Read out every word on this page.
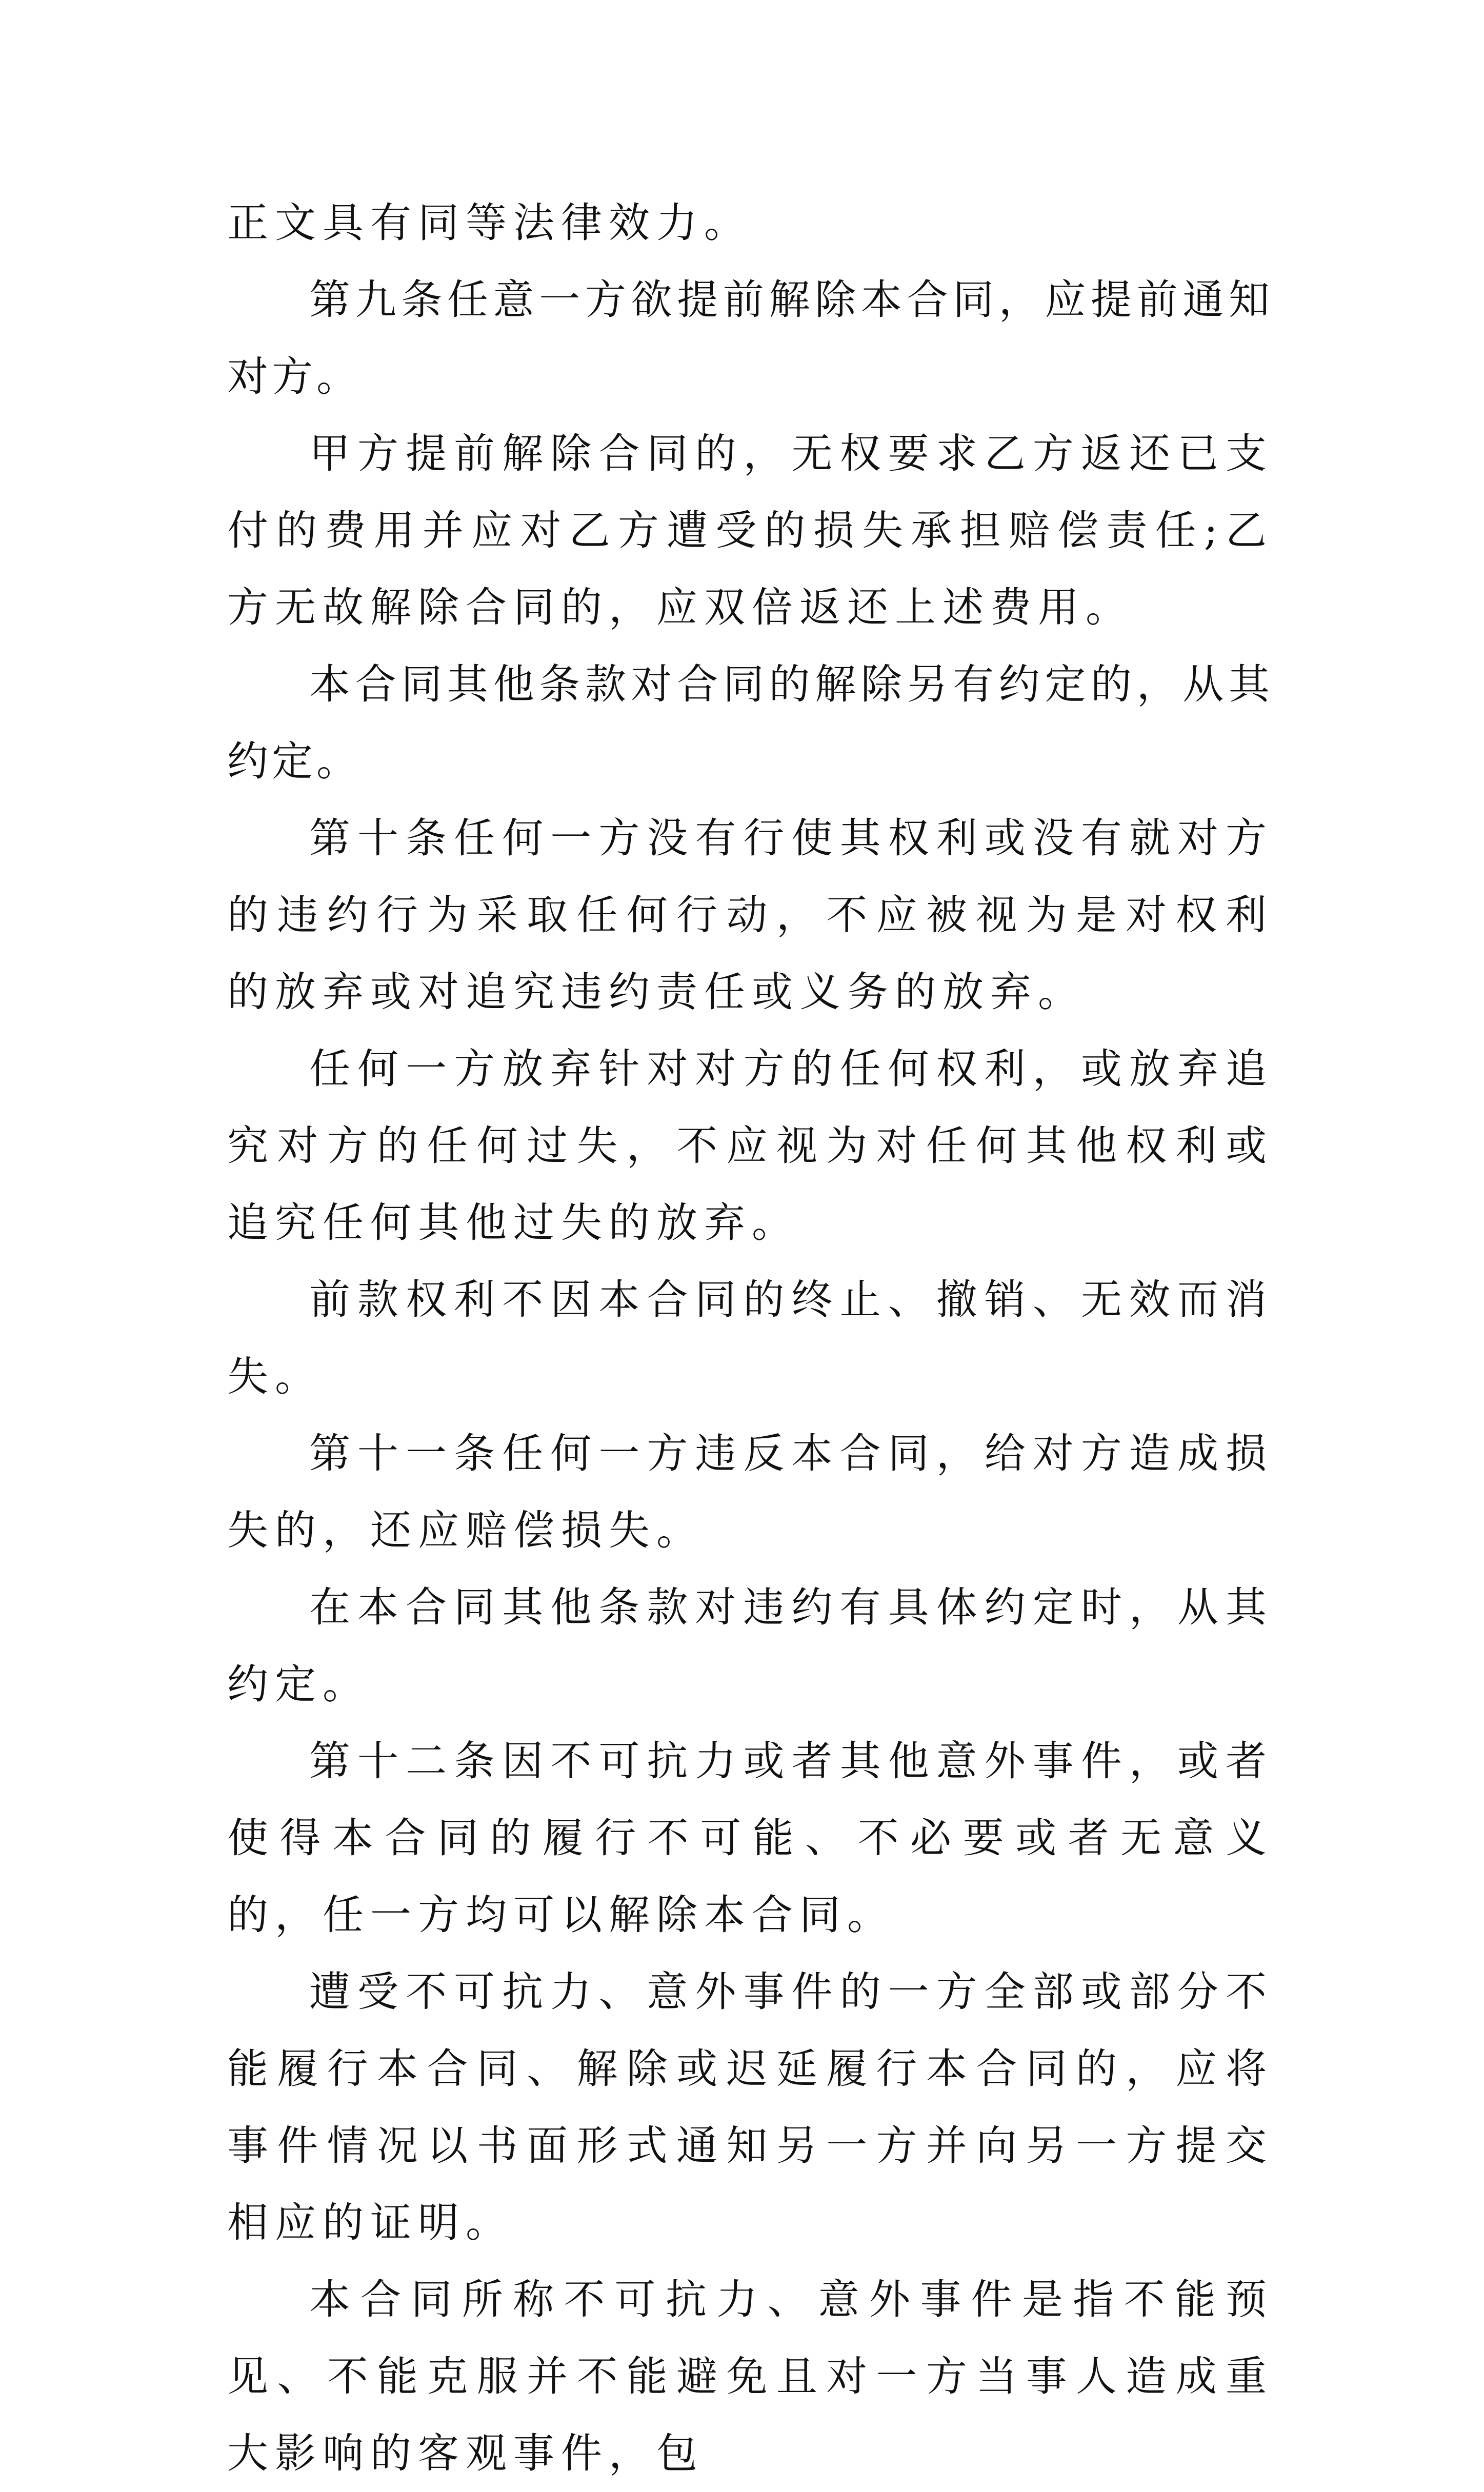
正文具有同等法律效力。

第九条任意一方欲提前解除本合同，应提前通知对方。

甲方提前解除合同的，无权要求乙方返还已支付的费用并应对乙方遭受的损失承担赔偿责任;乙方无故解除合同的，应双倍返还上述费用。

本合同其他条款对合同的解除另有约定的，从其约定。

第十条任何一方没有行使其权利或没有就对方的违约行为采取任何行动，不应被视为是对权利的放弃或对追究违约责任或义务的放弃。

任何一方放弃针对对方的任何权利，或放弃追究对方的任何过失，不应视为对任何其他权利或追究任何其他过失的放弃。

前款权利不因本合同的终止、撤销、无效而消失。

第十一条任何一方违反本合同，给对方造成损失的，还应赔偿损失。

在本合同其他条款对违约有具体约定时，从其约定。

第十二条因不可抗力或者其他意外事件，或者使得本合同的履行不可能、不必要或者无意义的，任一方均可以解除本合同。

遭受不可抗力、意外事件的一方全部或部分不能履行本合同、解除或迟延履行本合同的，应将事件情况以书面形式通知另一方并向另一方提交相应的证明。

本合同所称不可抗力、意外事件是指不能预见、不能克服并不能避免且对一方当事人造成重大影响的客观事件，包
